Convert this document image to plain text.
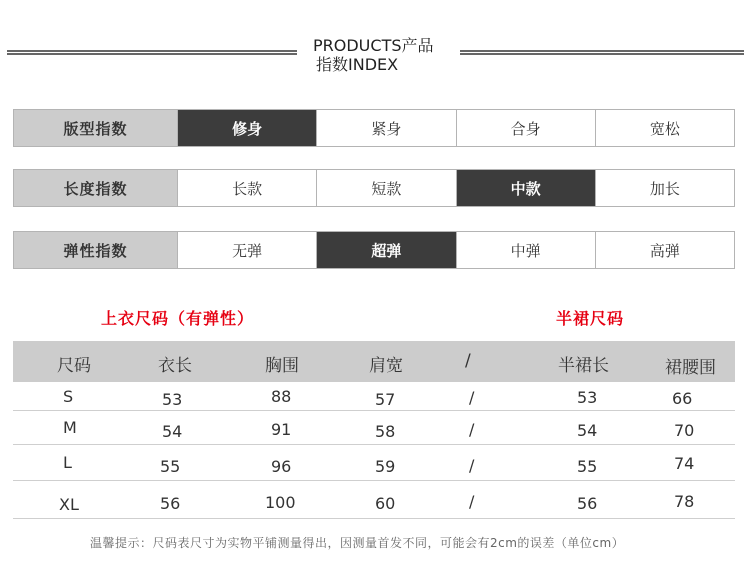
PRODUCTS产品
指数INDEX
版型指数	修身	紧身	合身	宽松
长度指数	长款	短款	中款	加长
弹性指数	无弹	超弹	中弹	高弹
上衣尺码（有弹性）	半裙尺码
尺码	衣长	胸围	肩宽	/	半裙长	裙腰围
S	53	88	57	/	53	66
M	54	91	58	/	54	70
L	55	96	59	/	55	74
XL	56	100	60	/	56	78
温馨提示：尺码表尺寸为实物平铺测量得出，因测量首发不同，可能会有2cm的误差（单位cm）
